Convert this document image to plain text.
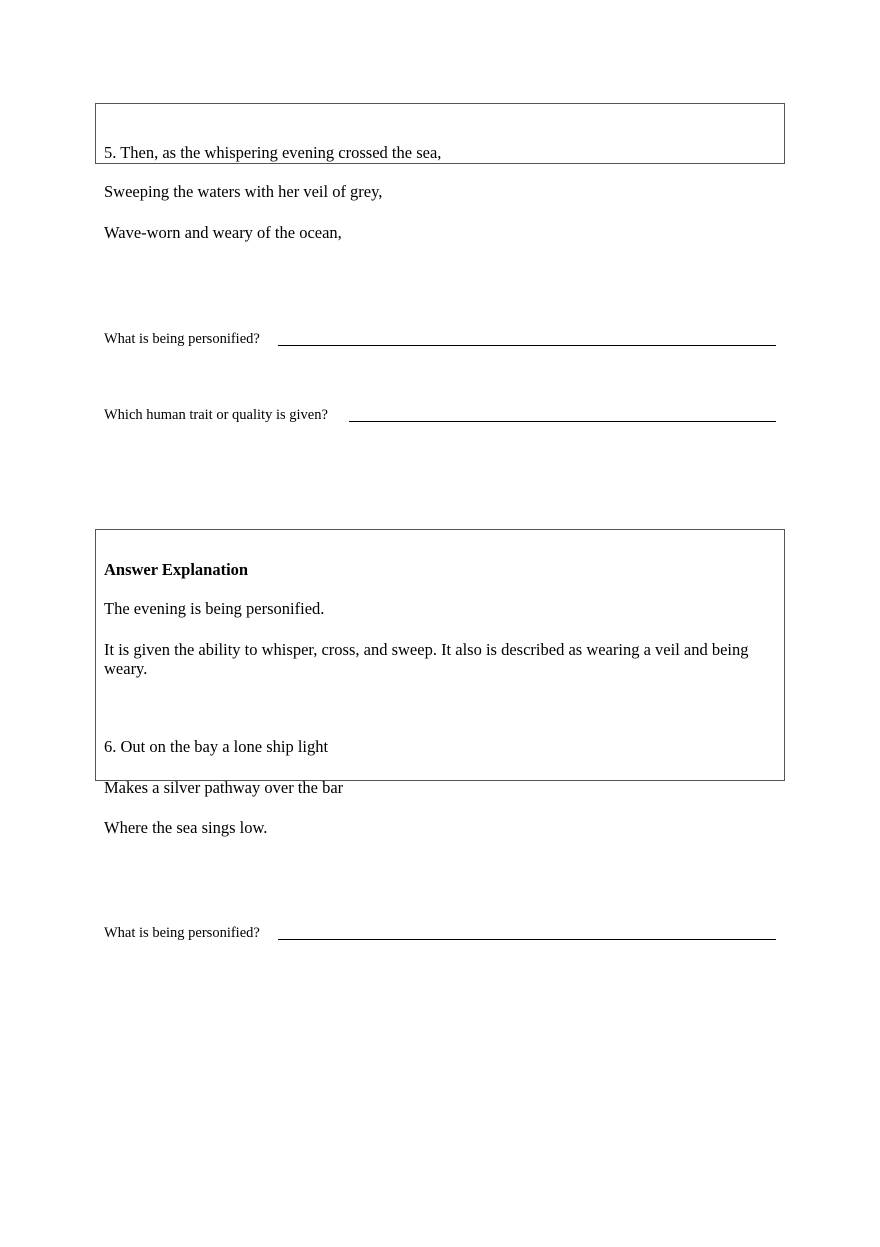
5. Then, as the whispering evening crossed the sea,
Sweeping the waters with her veil of grey,
Wave-worn and weary of the ocean,
What is being personified?
Which human trait or quality is given?
Answer Explanation
The evening is being personified.
It is given the ability to whisper, cross, and sweep. It also is described as wearing a veil and being weary.
6. Out on the bay a lone ship light
Makes a silver pathway over the bar
Where the sea sings low.
What is being personified?
